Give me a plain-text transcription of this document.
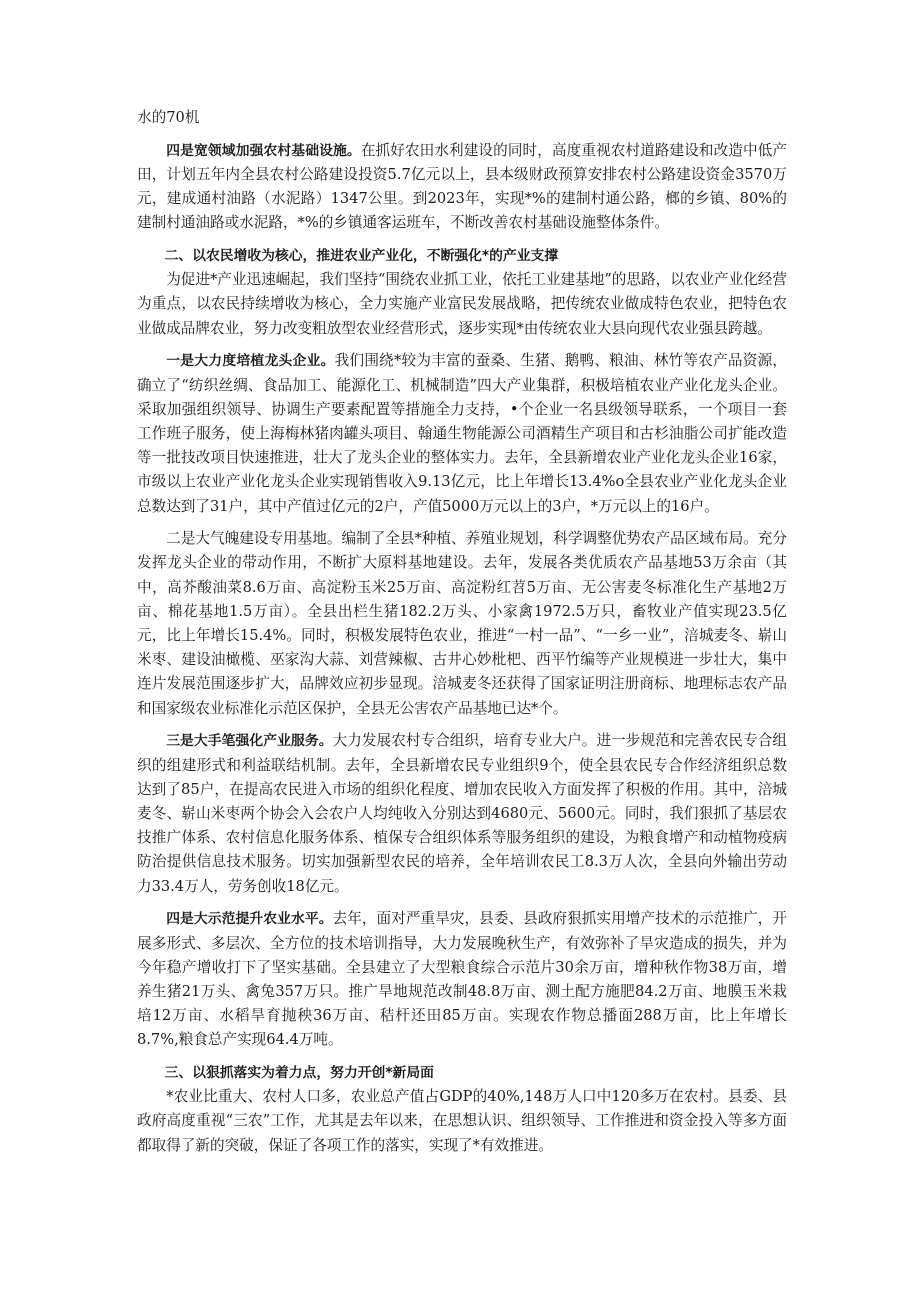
水的70机

四是宽领域加强农村基础设施。在抓好农田水利建设的同时，高度重视农村道路建设和改造中低产田，计划五年内全县农村公路建设投资5.7亿元以上，县本级财政预算安排农村公路建设资金3570万元，建成通村油路（水泥路）1347公里。到2023年，实现*%的建制村通公路，榔的乡镇、80%的建制村通油路或水泥路，*%的乡镇通客运班车，不断改善农村基础设施整体条件。

二、以农民增收为核心，推进农业产业化，不断强化*的产业支撑

为促进*产业迅速崛起，我们坚持“围绕农业抓工业，依托工业建基地”的思路，以农业产业化经营为重点，以农民持续增收为核心，全力实施产业富民发展战略，把传统农业做成特色农业，把特色农业做成品牌农业，努力改变粗放型农业经营形式，逐步实现*由传统农业大县向现代农业强县跨越。

一是大力度培植龙头企业。我们围绕*较为丰富的蚕桑、生猪、鹅鸭、粮油、林竹等农产品资源，确立了“纺织丝绸、食品加工、能源化工、机械制造”四大产业集群，积极培植农业产业化龙头企业。采取加强组织领导、协调生产要素配置等措施全力支持，•个企业一名县级领导联系，一个项目一套工作班子服务，使上海梅林猪肉罐头项目、翰通生物能源公司酒精生产项目和古杉油脂公司扩能改造等一批技改项目快速推进，壮大了龙头企业的整体实力。去年，全县新增农业产业化龙头企业16家，市级以上农业产业化龙头企业实现销售收入9.13亿元，比上年增长13.4%o全县农业产业化龙头企业总数达到了31户，其中产值过亿元的2户，产值5000万元以上的3户，*万元以上的16户。

二是大气魄建设专用基地。编制了全县*种植、养殖业规划，科学调整优势农产品区域布局。充分发挥龙头企业的带动作用，不断扩大原料基地建设。去年，发展各类优质农产品基地53万余亩（其中，高芥酸油菜8.6万亩、高淀粉玉米25万亩、高淀粉红苕5万亩、无公害麦冬标准化生产基地2万亩、棉花基地1.5万亩）。全县出栏生猪182.2万头、小家禽1972.5万只，畜牧业产值实现23.5亿元，比上年增长15.4%。同时，积极发展特色农业，推进“一村一品”、“一乡一业”，涪城麦冬、崭山米枣、建设油橄榄、巫家沟大蒜、刘营辣椒、古井心妙枇杷、西平竹编等产业规模进一步壮大，集中连片发展范围逐步扩大，品牌效应初步显现。涪城麦冬还获得了国家证明注册商标、地理标志农产品和国家级农业标准化示范区保护，全县无公害农产品基地已达*个。

三是大手笔强化产业服务。大力发展农村专合组织，培育专业大户。进一步规范和完善农民专合组织的组建形式和利益联结机制。去年，全县新增农民专业组织9个，使全县农民专合作经济组织总数达到了85户，在提高农民进入市场的组织化程度、增加农民收入方面发挥了积极的作用。其中，涪城麦冬、崭山米枣两个协会入会农户人均纯收入分别达到4680元、5600元。同时，我们狠抓了基层农技推广体系、农村信息化服务体系、植保专合组织体系等服务组织的建设，为粮食增产和动植物疫病防治提供信息技术服务。切实加强新型农民的培养，全年培训农民工8.3万人次，全县向外输出劳动力33.4万人，劳务创收18亿元。

四是大示范提升农业水平。去年，面对严重旱灾，县委、县政府狠抓实用增产技术的示范推广，开展多形式、多层次、全方位的技术培训指导，大力发展晚秋生产，有效弥补了旱灾造成的损失，并为今年稳产增收打下了坚实基础。全县建立了大型粮食综合示范片30余万亩，增种秋作物38万亩，增养生猪21万头、禽兔357万只。推广旱地规范改制48.8万亩、测土配方施肥84.2万亩、地膜玉米栽培12万亩、水稻旱育抛秧36万亩、秸杆还田85万亩。实现农作物总播面288万亩，比上年增长8.7%,粮食总产实现64.4万吨。

三、以狠抓落实为着力点，努力开创*新局面

*农业比重大、农村人口多，农业总产值占GDP的40%,148万人口中120多万在农村。县委、县政府高度重视“三农”工作，尤其是去年以来，在思想认识、组织领导、工作推进和资金投入等多方面都取得了新的突破，保证了各项工作的落实，实现了*有效推进。
